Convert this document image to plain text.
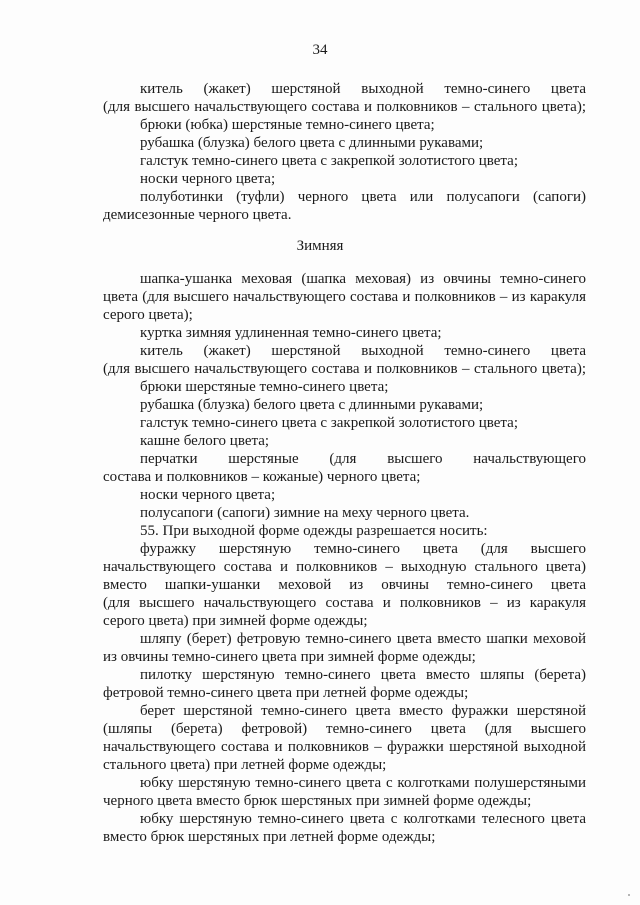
34
китель (жакет) шерстяной выходной темно-синего цвета
(для высшего начальствующего состава и полковников – стального цвета);
брюки (юбка) шерстяные темно-синего цвета;
рубашка (блузка) белого цвета с длинными рукавами;
галстук темно-синего цвета с закрепкой золотистого цвета;
носки черного цвета;
полуботинки (туфли) черного цвета или полусапоги (сапоги)
демисезонные черного цвета.
Зимняя
шапка-ушанка меховая (шапка меховая) из овчины темно-синего
цвета (для высшего начальствующего состава и полковников – из каракуля
серого цвета);
куртка зимняя удлиненная темно-синего цвета;
китель (жакет) шерстяной выходной темно-синего цвета
(для высшего начальствующего состава и полковников – стального цвета);
брюки шерстяные темно-синего цвета;
рубашка (блузка) белого цвета с длинными рукавами;
галстук темно-синего цвета с закрепкой золотистого цвета;
кашне белого цвета;
перчатки шерстяные (для высшего начальствующего
состава и полковников – кожаные) черного цвета;
носки черного цвета;
полусапоги (сапоги) зимние на меху черного цвета.
55. При выходной форме одежды разрешается носить:
фуражку шерстяную темно-синего цвета (для высшего
начальствующего состава и полковников – выходную стального цвета)
вместо шапки-ушанки меховой из овчины темно-синего цвета
(для высшего начальствующего состава и полковников – из каракуля
серого цвета) при зимней форме одежды;
шляпу (берет) фетровую темно-синего цвета вместо шапки меховой
из овчины темно-синего цвета при зимней форме одежды;
пилотку шерстяную темно-синего цвета вместо шляпы (берета)
фетровой темно-синего цвета при летней форме одежды;
берет шерстяной темно-синего цвета вместо фуражки шерстяной
(шляпы (берета) фетровой) темно-синего цвета (для высшего
начальствующего состава и полковников – фуражки шерстяной выходной
стального цвета) при летней форме одежды;
юбку шерстяную темно-синего цвета с колготками полушерстяными
черного цвета вместо брюк шерстяных при зимней форме одежды;
юбку шерстяную темно-синего цвета с колготками телесного цвета
вместо брюк шерстяных при летней форме одежды;
